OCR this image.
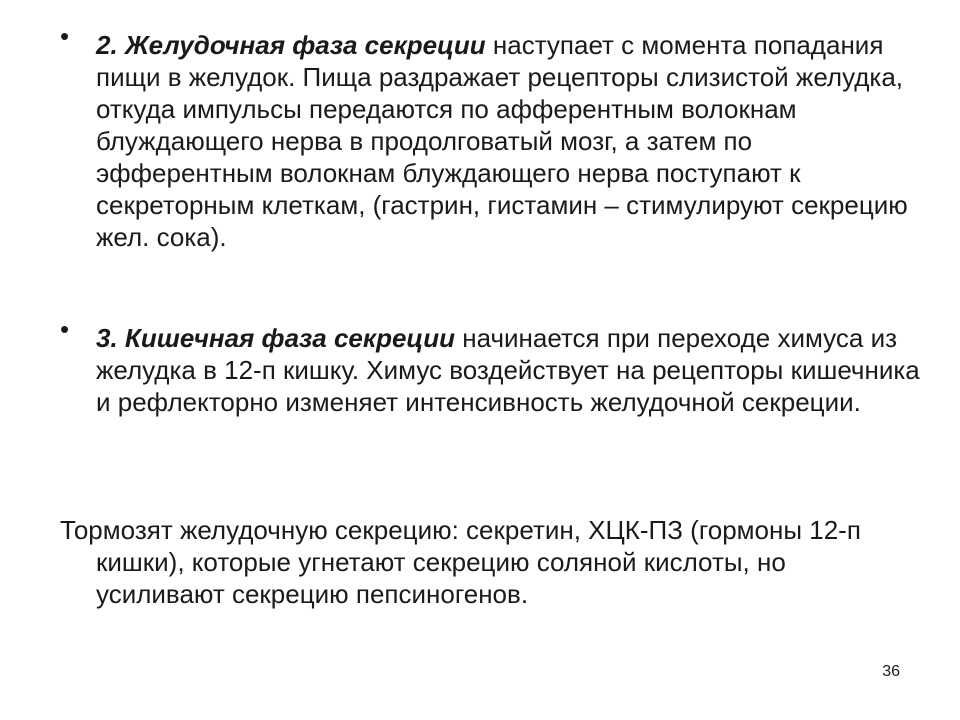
• 2. Желудочная фаза секреции наступает с момента попадания пищи в желудок. Пища раздражает рецепторы слизистой желудка, откуда импульсы передаются по афферентным волокнам блуждающего нерва в продолговатый мозг, а затем по эфферентным волокнам блуждающего нерва поступают к секреторным клеткам, (гастрин, гистамин – стимулируют секрецию жел. сока).

• 3. Кишечная фаза секреции начинается при переходе химуса из желудка в 12-п кишку. Химус воздействует на рецепторы кишечника и рефлекторно изменяет интенсивность желудочной секреции.

Тормозят желудочную секрецию: секретин, ХЦК-ПЗ (гормоны 12-п кишки), которые угнетают секрецию соляной кислоты, но усиливают секрецию пепсиногенов.

36
